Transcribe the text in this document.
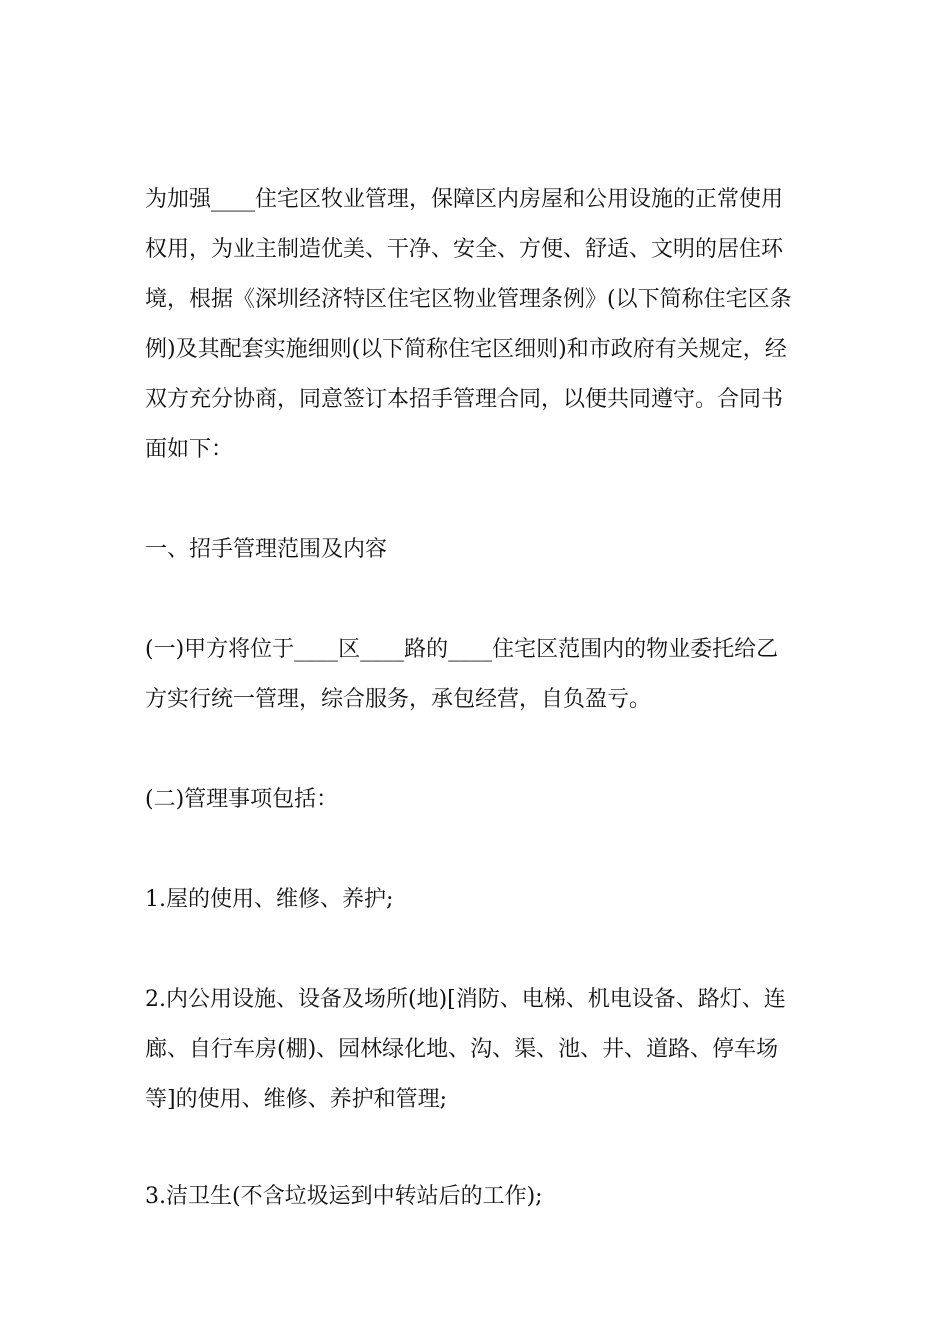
为加强____住宅区牧业管理，保障区内房屋和公用设施的正常使用
权用，为业主制造优美、干净、安全、方便、舒适、文明的居住环
境，根据《深圳经济特区住宅区物业管理条例》(以下简称住宅区条
例)及其配套实施细则(以下简称住宅区细则)和市政府有关规定，经
双方充分协商，同意签订本招手管理合同，以便共同遵守。合同书
面如下：
一、招手管理范围及内容
(一)甲方将位于____区____路的____住宅区范围内的物业委托给乙
方实行统一管理，综合服务，承包经营，自负盈亏。
(二)管理事项包括：
1.屋的使用、维修、养护;
2.内公用设施、设备及场所(地)[消防、电梯、机电设备、路灯、连
廊、自行车房(棚)、园林绿化地、沟、渠、池、井、道路、停车场
等]的使用、维修、养护和管理;
3.洁卫生(不含垃圾运到中转站后的工作);
